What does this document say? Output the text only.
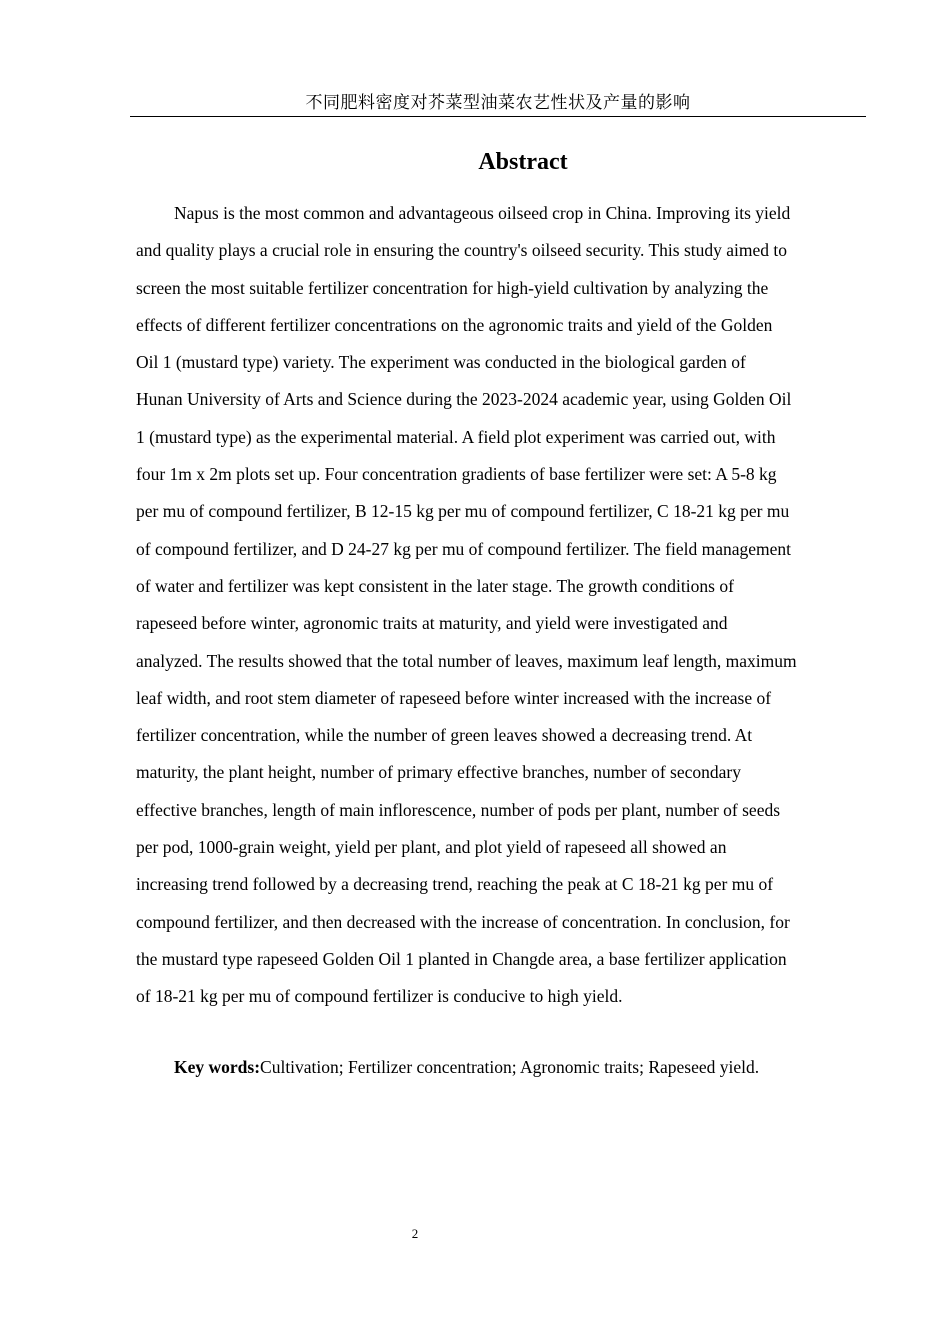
不同肥料密度对芥菜型油菜农艺性状及产量的影响
Abstract
Napus is the most common and advantageous oilseed crop in China. Improving its yield
and quality plays a crucial role in ensuring the country's oilseed security. This study aimed to
screen the most suitable fertilizer concentration for high-yield cultivation by analyzing the
effects of different fertilizer concentrations on the agronomic traits and yield of the Golden
Oil 1 (mustard type) variety. The experiment was conducted in the biological garden of
Hunan University of Arts and Science during the 2023-2024 academic year, using Golden Oil
1 (mustard type) as the experimental material. A field plot experiment was carried out, with
four 1m x 2m plots set up. Four concentration gradients of base fertilizer were set: A 5-8 kg
per mu of compound fertilizer, B 12-15 kg per mu of compound fertilizer, C 18-21 kg per mu
of compound fertilizer, and D 24-27 kg per mu of compound fertilizer. The field management
of water and fertilizer was kept consistent in the later stage. The growth conditions of
rapeseed before winter, agronomic traits at maturity, and yield were investigated and
analyzed. The results showed that the total number of leaves, maximum leaf length, maximum
leaf width, and root stem diameter of rapeseed before winter increased with the increase of
fertilizer concentration, while the number of green leaves showed a decreasing trend. At
maturity, the plant height, number of primary effective branches, number of secondary
effective branches, length of main inflorescence, number of pods per plant, number of seeds
per pod, 1000-grain weight, yield per plant, and plot yield of rapeseed all showed an
increasing trend followed by a decreasing trend, reaching the peak at C 18-21 kg per mu of
compound fertilizer, and then decreased with the increase of concentration. In conclusion, for
the mustard type rapeseed Golden Oil 1 planted in Changde area, a base fertilizer application
of 18-21 kg per mu of compound fertilizer is conducive to high yield.

Key words:Cultivation; Fertilizer concentration; Agronomic traits; Rapeseed yield.

2
